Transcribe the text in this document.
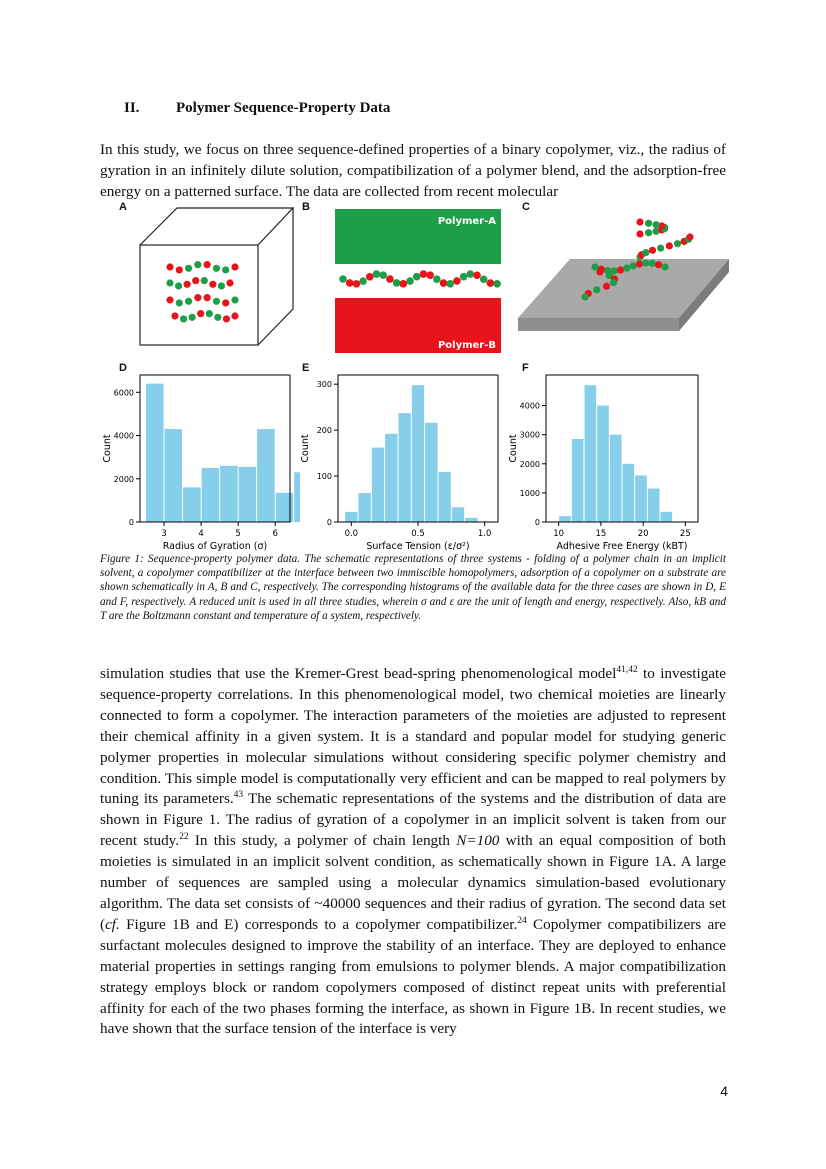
II. Polymer Sequence-Property Data
In this study, we focus on three sequence-defined properties of a binary copolymer, viz., the radius of gyration in an infinitely dilute solution, compatibilization of a polymer blend, and the adsorption-free energy on a patterned surface. The data are collected from recent molecular
A	B	C
D	E	F
Polymer-A
Polymer-B
3	4	5	6
0
2000
4000
6000
Radius of Gyration (σ)
Count
0.0	0.5	1.0
0
100
200
300
Surface Tension (ε/σ²)
Count
10	15	20	25
0
1000
2000
3000
4000
Adhesive Free Energy (kBT)
Count
Figure 1: Sequence-property polymer data. The schematic representations of three systems - folding of a polymer chain in an implicit solvent, a copolymer compatibilizer at the interface between two immiscible homopolymers, adsorption of a copolymer on a substrate are shown schematically in A, B and C, respectively. The corresponding histograms of the available data for the three cases are shown in D, E and F, respectively. A reduced unit is used in all three studies, wherein σ and ε are the unit of length and energy, respectively. Also, kB and T are the Boltzmann constant and temperature of a system, respectively.
simulation studies that use the Kremer-Grest bead-spring phenomenological model$^{41,42}$ to investigate sequence-property correlations. In this phenomenological model, two chemical moieties are linearly connected to form a copolymer. The interaction parameters of the moieties are adjusted to represent their chemical affinity in a given system. It is a standard and popular model for studying generic polymer properties in molecular simulations without considering specific polymer chemistry and condition. This simple model is computationally very efficient and can be mapped to real polymers by tuning its parameters.$^{43}$ The schematic representations of the systems and the distribution of data are shown in Figure 1. The radius of gyration of a copolymer in an implicit solvent is taken from our recent study.$^{22}$ In this study, a polymer of chain length N=100 with an equal composition of both moieties is simulated in an implicit solvent condition, as schematically shown in Figure 1A. A large number of sequences are sampled using a molecular dynamics simulation-based evolutionary algorithm. The data set consists of ~40000 sequences and their radius of gyration. The second data set (cf. Figure 1B and E) corresponds to a copolymer compatibilizer.$^{24}$ Copolymer compatibilizers are surfactant molecules designed to improve the stability of an interface. They are deployed to enhance material properties in settings ranging from emulsions to polymer blends. A major compatibilization strategy employs block or random copolymers composed of distinct repeat units with preferential affinity for each of the two phases forming the interface, as shown in Figure 1B. In recent studies, we have shown that the surface tension of the interface is very
4
